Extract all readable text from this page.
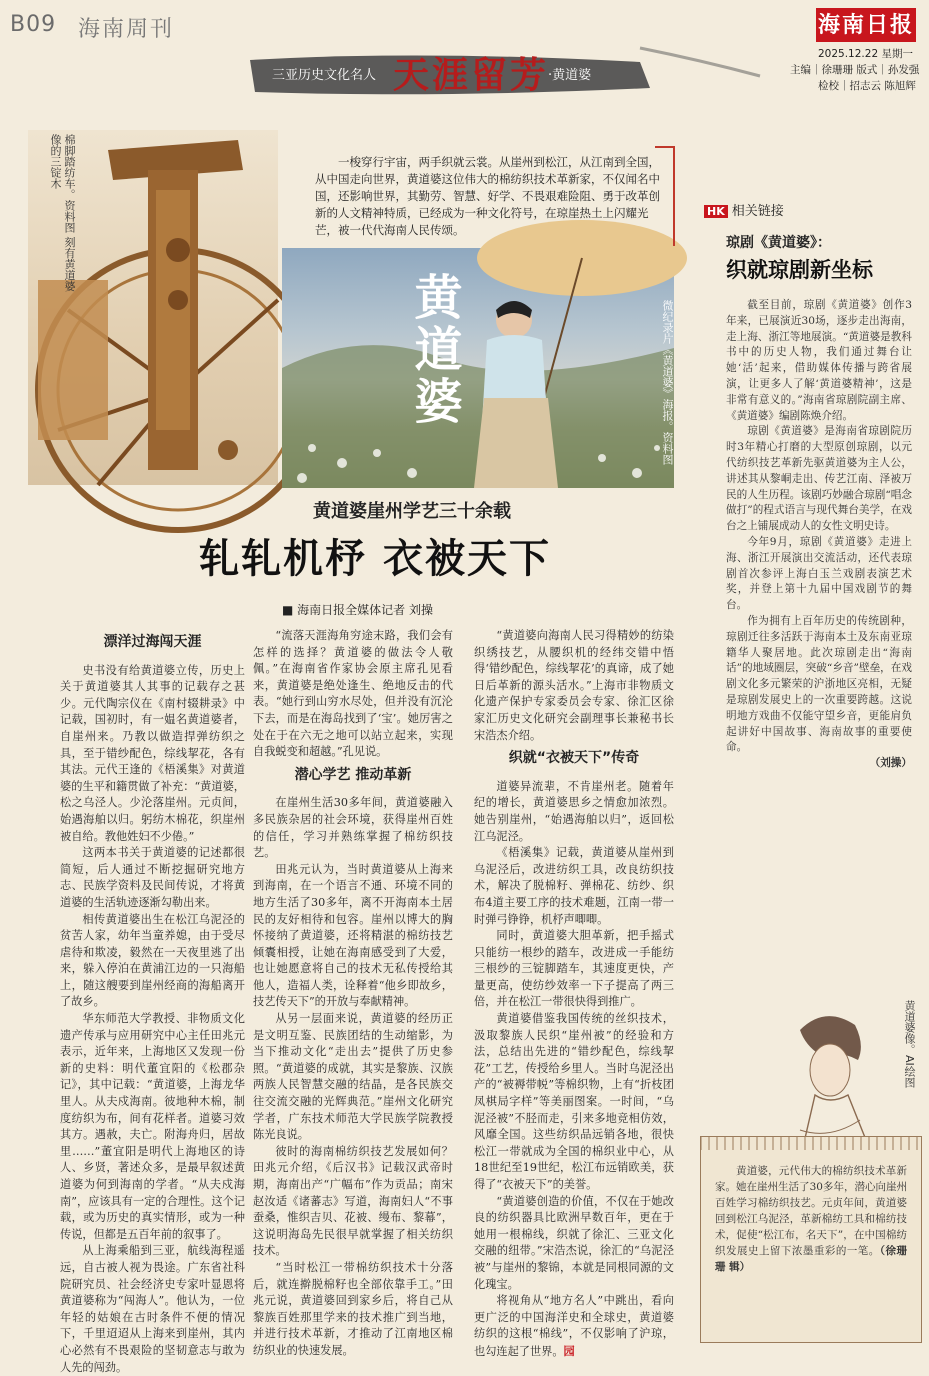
B09 海南周刊
三亚历史文化名人 天涯留芳
·黄道婆
海南日报
2025.12.22 星期一
主编｜徐珊珊 版式｜孙发强
检校｜招志云 陈旭辉
棉脚踏纺车。资料图 刻有黄道婆像的三锭木
黄道婆	微纪录片《黄道婆》海报。资料图
一梭穿行宇宙，两手织就云裳。从崖州到松江，从江南到全国，从中国走向世界，黄道婆这位伟大的棉纺织技术革新家，不仅闻名中国，还影响世界，其勤劳、智慧、好学、不畏艰难险阻、勇于改革创新的人文精神特质，已经成为一种文化符号，在琼崖热土上闪耀光芒，被一代代海南人民传颂。
黄道婆崖州学艺三十余载
轧轧机杼 衣被天下
■ 海南日报全媒体记者 刘操
漂洋过海闯天涯

史书没有给黄道婆立传，历史上关于黄道婆其人其事的记载存之甚少。元代陶宗仪在《南村辍耕录》中记载，国初时，有一媪名黄道婆者，自崖州来。乃教以做造捍弹纺织之具，至于错纱配色，综线挈花，各有其法。元代王逢的《梧溪集》对黄道婆的生平和籍贯做了补充：“黄道婆，松之乌泾人。少沦落崖州。元贞间，始遇海舶以归。躬纺木棉花，织崖州被自给。教他姓妇不少倦。”

这两本书关于黄道婆的记述都很简短，后人通过不断挖掘研究地方志、民族学资料及民间传说，才将黄道婆的生活轨迹逐渐勾勒出来。

相传黄道婆出生在松江乌泥泾的贫苦人家，幼年当童养媳，由于受尽虐待和欺凌，毅然在一天夜里逃了出来，躲入停泊在黄浦江边的一只海船上，随这艘要到崖州经商的海船离开了故乡。

华东师范大学教授、非物质文化遗产传承与应用研究中心主任田兆元表示，近年来，上海地区又发现一份新的史料：明代董宜阳的《松郡杂记》，其中记载：“黄道婆，上海龙华里人。从夫戍海南。彼地种木棉，制度纺织为布，间有花样者。道婆习效其方。遇赦，夫亡。附海舟归，居故里……”董宜阳是明代上海地区的诗人、乡贤，著述众多，是最早叙述黄道婆为何到海南的学者。“从夫戍海南”，应该具有一定的合理性。这个记载，或为历史的真实情形，或为一种传说，但都是五百年前的叙事了。

从上海乘船到三亚，航线海程遥远，自古被人视为畏途。广东省社科院研究员、社会经济史专家叶显恩将黄道婆称为“闯海人”。他认为，一位年轻的姑娘在古时条件不便的情况下，千里迢迢从上海来到崖州，其内心必然有不畏艰险的坚韧意志与敢为人先的闯劲。

“流落天涯海角穷途末路，我们会有怎样的选择？黄道婆的做法令人敬佩。”在海南省作家协会原主席孔见看来，黄道婆是绝处逢生、绝地反击的代表。“她行到山穷水尽处，但并没有沉沦下去，而是在海岛找到了‘宝’。她厉害之处在于在六无之地可以站立起来，实现自我蜕变和超越。”孔见说。

潜心学艺 推动革新

在崖州生活30多年间，黄道婆融入多民族杂居的社会环境，获得崖州百姓的信任，学习并熟练掌握了棉纺织技艺。

田兆元认为，当时黄道婆从上海来到海南，在一个语言不通、环境不同的地方生活了30多年，离不开海南本土居民的友好相待和包容。崖州以博大的胸怀接纳了黄道婆，还将精湛的棉纺技艺倾囊相授，让她在海南感受到了大爱，也让她愿意将自己的技术无私传授给其他人，造福人类，诠释着“他乡即故乡，技艺传天下”的开放与奉献精神。

从另一层面来说，黄道婆的经历正是文明互鉴、民族团结的生动缩影，为当下推动文化“走出去”提供了历史参照。“黄道婆的成就，其实是黎族、汉族两族人民智慧交融的结晶，是各民族交往交流交融的光辉典范。”崖州文化研究学者，广东技术师范大学民族学院教授陈光良说。

彼时的海南棉纺织技艺发展如何？田兆元介绍，《后汉书》记载汉武帝时期，海南出产“广幅布”作为贡品；南宋赵汝适《诸蕃志》写道，海南妇人“不事蚕桑，惟织吉贝、花被、缦布、黎幕”，这说明海岛先民很早就掌握了相关纺织技术。

“当时松江一带棉纺织技术十分落后，就连擀脱棉籽也全部依靠手工。”田兆元说，黄道婆回到家乡后，将自己从黎族百姓那里学来的技术推广到当地，并进行技术革新，才推动了江南地区棉纺织业的快速发展。

“黄道婆向海南人民习得精妙的纺染织绣技艺，从腰织机的经纬交错中悟得‘错纱配色，综线挈花’的真谛，成了她日后革新的源头活水。”上海市非物质文化遗产保护专家委员会专家、徐汇区徐家汇历史文化研究会副理事长兼秘书长宋浩杰介绍。

织就“衣被天下”传奇

道婆异流辈，不肯崖州老。随着年纪的增长，黄道婆思乡之情愈加浓烈。她告别崖州，“始遇海舶以归”，返回松江乌泥泾。

《梧溪集》记载，黄道婆从崖州到乌泥泾后，改进纺织工具，改良纺织技术，解决了脱棉籽、弹棉花、纺纱、织布4道主要工序的技术难题，江南一带一时弹弓铮铮，机杼声唧唧。

同时，黄道婆大胆革新，把手摇式只能纺一根纱的踏车，改进成一手能纺三根纱的三锭脚踏车，其速度更快，产量更高，使纺纱效率一下子提高了两三倍，并在松江一带很快得到推广。

黄道婆借鉴我国传统的丝织技术，汲取黎族人民织“崖州被”的经验和方法，总结出先进的“错纱配色，综线挈花”工艺，传授给乡里人。当时乌泥泾出产的“被褥带帨”等棉织物，上有“折枝团凤棋局字样”等美丽图案。一时间，“乌泥泾被”不胫而走，引来多地竞相仿效，风靡全国。这些纺织品远销各地，很快松江一带就成为全国的棉织业中心，从18世纪至19世纪，松江布远销欧美，获得了“衣被天下”的美誉。

“黄道婆创造的价值，不仅在于她改良的纺织器具比欧洲早数百年，更在于她用一根棉线，织就了徐汇、三亚文化交融的纽带。”宋浩杰说，徐汇的“乌泥泾被”与崖州的黎锦，本就是同根同源的文化瑰宝。

将视角从“地方名人”中跳出，看向更广泛的中国海洋史和全球史，黄道婆纺织的这根“棉线”，不仅影响了沪琼，也勾连起了世界。园

HK 相关链接
琼剧《黄道婆》：
织就琼剧新坐标

截至目前，琼剧《黄道婆》创作3年来，已展演近30场，逐步走出海南，走上海、浙江等地展演。“黄道婆是教科书中的历史人物，我们通过舞台让她‘活’起来，借助媒体传播与跨省展演，让更多人了解‘黄道婆精神’，这是非常有意义的。”海南省琼剧院副主席、《黄道婆》编剧陈焕介绍。

琼剧《黄道婆》是海南省琼剧院历时3年精心打磨的大型原创琼剧，以元代纺织技艺革新先驱黄道婆为主人公，讲述其从黎峒走出、传艺江南、泽被万民的人生历程。该剧巧妙融合琼剧“唱念做打”的程式语言与现代舞台美学，在戏台之上铺展成动人的女性文明史诗。

今年9月，琼剧《黄道婆》走进上海、浙江开展演出交流活动，还代表琼剧首次参评上海白玉兰戏剧表演艺术奖，并登上第十九届中国戏剧节的舞台。

作为拥有上百年历史的传统剧种，琼剧迁往多活跃于海南本土及东南亚琼籍华人聚居地。此次琼剧走出“海南话”的地域圈层，突破“乡音”壁垒，在戏剧文化多元繁荣的沪浙地区亮相，无疑是琼剧发展史上的一次重要跨越。这说明地方戏曲不仅能守望乡音，更能肩负起讲好中国故事、海南故事的重要使命。

（刘操）
黄道婆像。AI绘图
黄道婆，元代伟大的棉纺织技术革新家。她在崖州生活了30多年，潜心向崖州百姓学习棉纺织技艺。元贞年间，黄道婆回到松江乌泥泾，革新棉纺工具和棉纺技术，促使“松江布，名天下”，在中国棉纺织发展史上留下浓墨重彩的一笔。（徐珊珊 辑）
